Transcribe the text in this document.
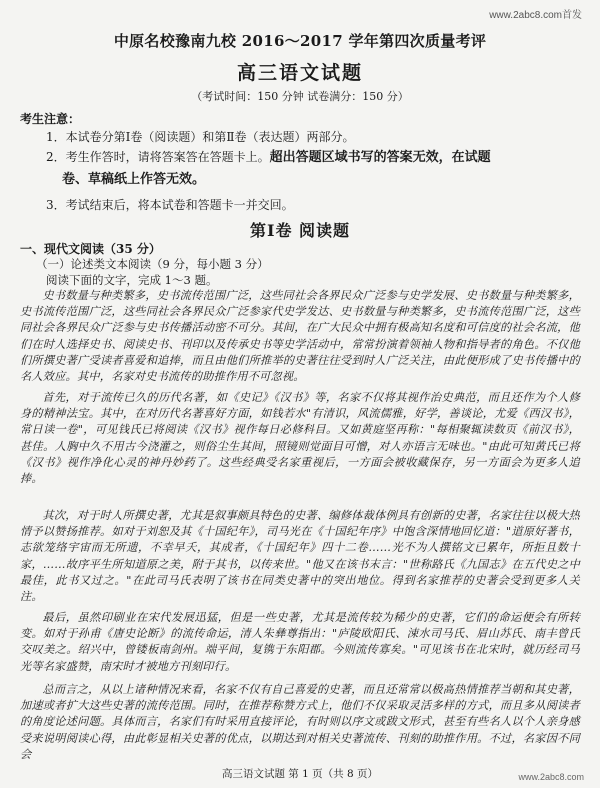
www.2abc8.com首发
中原名校豫南九校 2016～2017 学年第四次质量考评
高三语文试题
（考试时间：150 分钟 试卷满分：150 分）
考生注意：
1．本试卷分第Ⅰ卷（阅读题）和第Ⅱ卷（表达题）两部分。
2．考生作答时，请将答案答在答题卡上。超出答题区域书写的答案无效，在试题
卷、草稿纸上作答无效。
3．考试结束后，将本试卷和答题卡一并交回。
第Ⅰ卷 阅读题
一、现代文阅读（35 分）
（一）论述类文本阅读（9 分，每小题 3 分）
阅读下面的文字，完成 1～3 题。
史书数量与种类繁多，史书流传范围广泛，这些同社会各界民众广泛参与史学发展、史书数量与种类繁多，史书流传范围广泛，这些同社会各界民众广泛参家代史学发达、史书数量与种类繁多，史书流传范围广泛，这些同社会各界民众广泛参与史书传播活动密不可分。其间，在广大民众中拥有极高知名度和可信度的社会名流，他们在时人选择史书、阅读史书、刊印以及传承史书等史学活动中，常常扮演着领袖人物和指导者的角色。不仅他们所撰史著广受读者喜爱和追捧，而且由他们所推举的史著往往受到时人广泛关注，由此便形成了史书传播中的名人效应。其中，名家对史书流传的助推作用不可忽视。
首先，对于流传已久的历代名著，如《史记》《汉书》等，名家不仅将其视作治史典范，而且还作为个人修身的精神法宝。其中，在对历代名著喜好方面，如钱若水"有清识，风流儒雅，好学，善谈论，尤爱《西汉书》，常日读一卷"，可见钱氏已将阅读《汉书》视作每日必修科目。又如黄庭坚再称："每相聚辄读数页《前汉书》，甚佳。人胸中久不用古今浇灌之，则俗尘生其间，照镜则觉面目可憎，对人亦语言无味也。"由此可知黄氏已将《汉书》视作净化心灵的神丹妙药了。这些经典受名家重视后，一方面会被收藏保存，另一方面会为更多人追捧。
其次，对于时人所撰史著，尤其是叙事颇具特色的史著、编修体裁体例具有创新的史著，名家往往以极大热情予以赞扬推荐。如对于刘恕及其《十国纪年》，司马光在《十国纪年序》中饱含深情地回忆道："道原好著书，志欲笼络宇宙而无所遗，不幸早夭，其成者，《十国纪年》四十二卷……光不为人撰铭文已累年，所拒且数十家，……故序平生所知道原之美，附于其书，以传来世。"他又在该书末言："世称路氏《九国志》在五代史之中最佳，此书又过之。"在此司马氏表明了该书在同类史著中的突出地位。得到名家推荐的史著会受到更多人关注。
最后，虽然印刷业在宋代发展迅猛，但是一些史著，尤其是流传较为稀少的史著，它们的命运便会有所转变。如对于孙甫《唐史论断》的流传命运，清人朱彝尊指出："庐陵欧阳氏、涑水司马氏、眉山苏氏、南丰曾氏交叹美之。绍兴中，曾镂板南剑州。端平间，复镌于东阳郡。今则流传寡矣。"可见该书在北宋时，就历经司马光等名家盛赞，南宋时才被地方刊刻印行。
总而言之，从以上诸种情况来看，名家不仅有自己喜爱的史著，而且还常常以极高热情推荐当朝和其史著，加速或者扩大这些史著的流传范围。同时，在推荐称赞方式上，他们不仅采取灵活多样的方式，而且多从阅读者的角度论述问题。具体而言，名家们有时采用直接评论，有时则以序文或跋文形式，甚至有些名人以个人亲身感受来说明阅读心得，由此彰显相关史著的优点，以期达到对相关史著流传、刊刻的助推作用。不过，名家因不同会
高三语文试题 第 1 页（共 8 页）	www.2abc8.com
